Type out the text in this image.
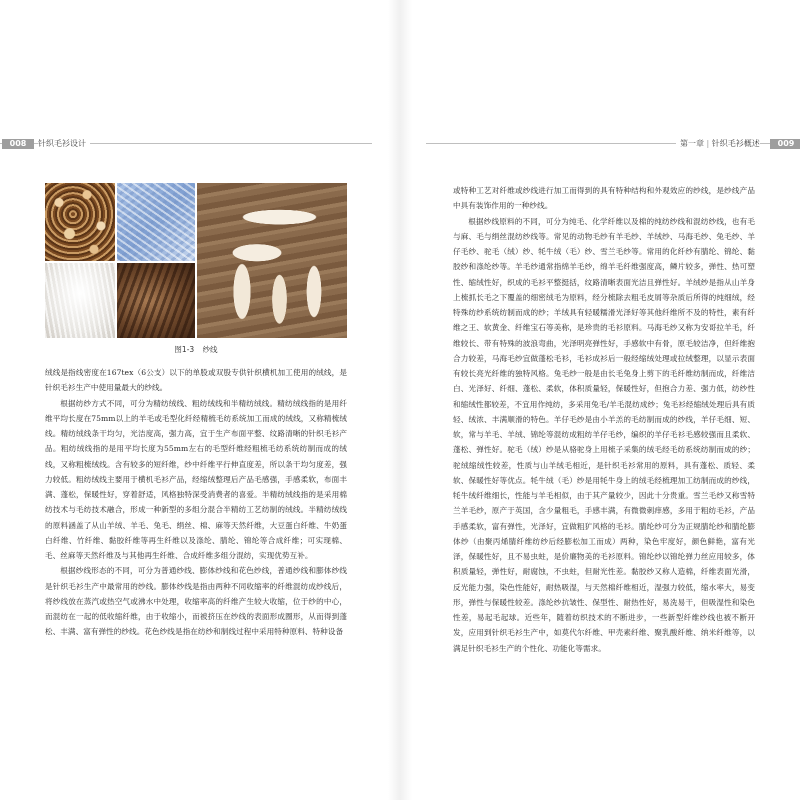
008	针织毛衫设计	第一章 | 针织毛衫概述	009
图1-3 纱线

绒线是指线密度在167tex（6公支）以下的单股或双股专供针织横机加工使用的绒线，是针织毛衫生产中使用量最大的纱线。

根据纺纱方式不同，可分为精纺绒线、粗纺绒线和半精纺绒线。精纺绒线指的是用纤维平均长度在75mm以上的羊毛或毛型化纤经精梳毛纺系统加工而成的绒线，又称精梳绒线。精纺绒线条干均匀，光洁度高，强力高，宜于生产布面平整、纹路清晰的针织毛衫产品。粗纺绒线指的是用平均长度为55mm左右的毛型纤维经粗梳毛纺系统纺制而成的绒线，又称粗梳绒线。含有较多的短纤维，纱中纤维平行伸直度差，所以条干均匀度差，强力较低。粗纺绒线主要用于横机毛衫产品，经缩绒整理后产品毛感强，手感柔软，布面丰满、蓬松，保暖性好，穿着舒适，风格独特深受消费者的喜爱。半精纺绒线指的是采用棉纺技术与毛纺技术融合，形成一种新型的多组分混合半精纺工艺纺制的绒线。半精纺绒线的原料涵盖了从山羊绒、羊毛、兔毛、绢丝、棉、麻等天然纤维，大豆蛋白纤维、牛奶蛋白纤维、竹纤维、黏胶纤维等再生纤维以及涤纶、腈纶、锦纶等合成纤维；可实现棉、毛、丝麻等天然纤维及与其他再生纤维、合成纤维多组分混纺，实现优势互补。

根据纱线形态的不同，可分为普通纱线、膨体纱线和花色纱线，普通纱线和膨体纱线是针织毛衫生产中最常用的纱线。膨体纱线是指由两种不同收缩率的纤维混纺成纱线后，将纱线放在蒸汽或热空气或沸水中处理，收缩率高的纤维产生较大收缩，位于纱的中心，而混纺在一起的低收缩纤维，由于收缩小，而被挤压在纱线的表面形成圈形，从而得到蓬松、丰满、富有弹性的纱线。花色纱线是指在纺纱和制线过程中采用特种原料、特种设备

或特种工艺对纤维或纱线进行加工而得到的具有特种结构和外观效应的纱线，是纱线产品中具有装饰作用的一种纱线。

根据纱线原料的不同，可分为纯毛、化学纤维以及棉的纯纺纱线和混纺纱线，也有毛与麻、毛与绢丝混纺纱线等。常见的动物毛纱有羊毛纱、羊绒纱、马海毛纱、兔毛纱、羊仔毛纱、驼毛（绒）纱、牦牛绒（毛）纱、雪兰毛纱等。常用的化纤纱有腈纶、锦纶、黏胶纱和涤纶纱等。羊毛纱通常指绵羊毛纱，绵羊毛纤维强度高，鳞片较多，弹性、热可塑性、缩绒性好，织成的毛衫平整挺括，纹路清晰表面光洁且弹性好。羊绒纱是指从山羊身上梳抓长毛之下覆盖的细密绒毛为原料，经分梳除去粗毛皮屑等杂质后所得的纯细绒，经特殊纺纱系统纺制而成的纱；羊绒具有轻暖糯滑光泽好等其他纤维所不及的特性，素有纤维之王、软黄金、纤维宝石等美称，是珍贵的毛衫原料。马海毛纱又称为安哥拉羊毛，纤维较长、带有特殊的波浪弯曲，光泽明亮弹性好，手感软中有骨，原毛较洁净，但纤维抱合力较差，马海毛纱宜做蓬松毛衫，毛衫成衫后一般经缩绒处理或拉绒整理，以显示表面有较长亮光纤维的独特风格。兔毛纱一般是由长毛兔身上剪下的毛纤维纺制而成，纤维洁白、光泽好、纤细、蓬松、柔软，体积质量轻，保暖性好，但抱合力差、强力低，纺纱性和缩绒性都较差，不宜用作纯纺，多采用兔毛/羊毛混纺成纱；兔毛衫经缩绒处理后具有质轻、绒浓、丰满顺滑的特色。羊仔毛纱是由小羊羔的毛纺制而成的纱线，羊仔毛细、短、软，常与羊毛、羊绒、锦纶等混纺成粗纺羊仔毛纱，编织的羊仔毛衫毛感较强而且柔软、蓬松、弹性好。驼毛（绒）纱是从骆驼身上用梳子采集的绒毛经毛纺系统纺制而成的纱；驼绒缩绒性较差，性质与山羊绒毛相近，是针织毛衫常用的原料，具有蓬松、质轻、柔软、保暖性好等优点。牦牛绒（毛）纱是用牦牛身上的绒毛经梳理加工纺制而成的纱线，牦牛绒纤维细长，性能与羊毛相似，由于其产量较少，因此十分贵重。雪兰毛纱又称雪特兰羊毛纱，原产于英国，含少量粗毛，手感丰满，有微微刺痒感，多用于粗纺毛衫，产品手感柔软，富有弹性，光泽好，宜做粗犷风格的毛衫。腈纶纱可分为正规腈纶纱和腈纶膨体纱（由聚丙烯腈纤维纺纱后经膨松加工而成）两种，染色牢度好，颜色鲜艳，富有光泽，保暖性好，且不易虫蛀，是价廉物美的毛衫原料。锦纶纱以锦纶弹力丝应用较多，体积质量轻，弹性好，耐腐蚀，不虫蛀，但耐光性差。黏胶纱又称人造棉，纤维表面光滑，反光能力强，染色性能好，耐热吸湿，与天然棉纤维相近，湿强力较低，缩水率大，易变形，弹性与保暖性较差。涤纶纱抗皱性、保型性、耐热性好，易洗易干，但吸湿性和染色性差，易起毛起球。近些年，随着纺织技术的不断进步，一些新型纤维纱线也被不断开发，应用到针织毛衫生产中，如莫代尔纤维、甲壳素纤维、聚乳酸纤维、纳米纤维等，以满足针织毛衫生产的个性化、功能化等需求。
